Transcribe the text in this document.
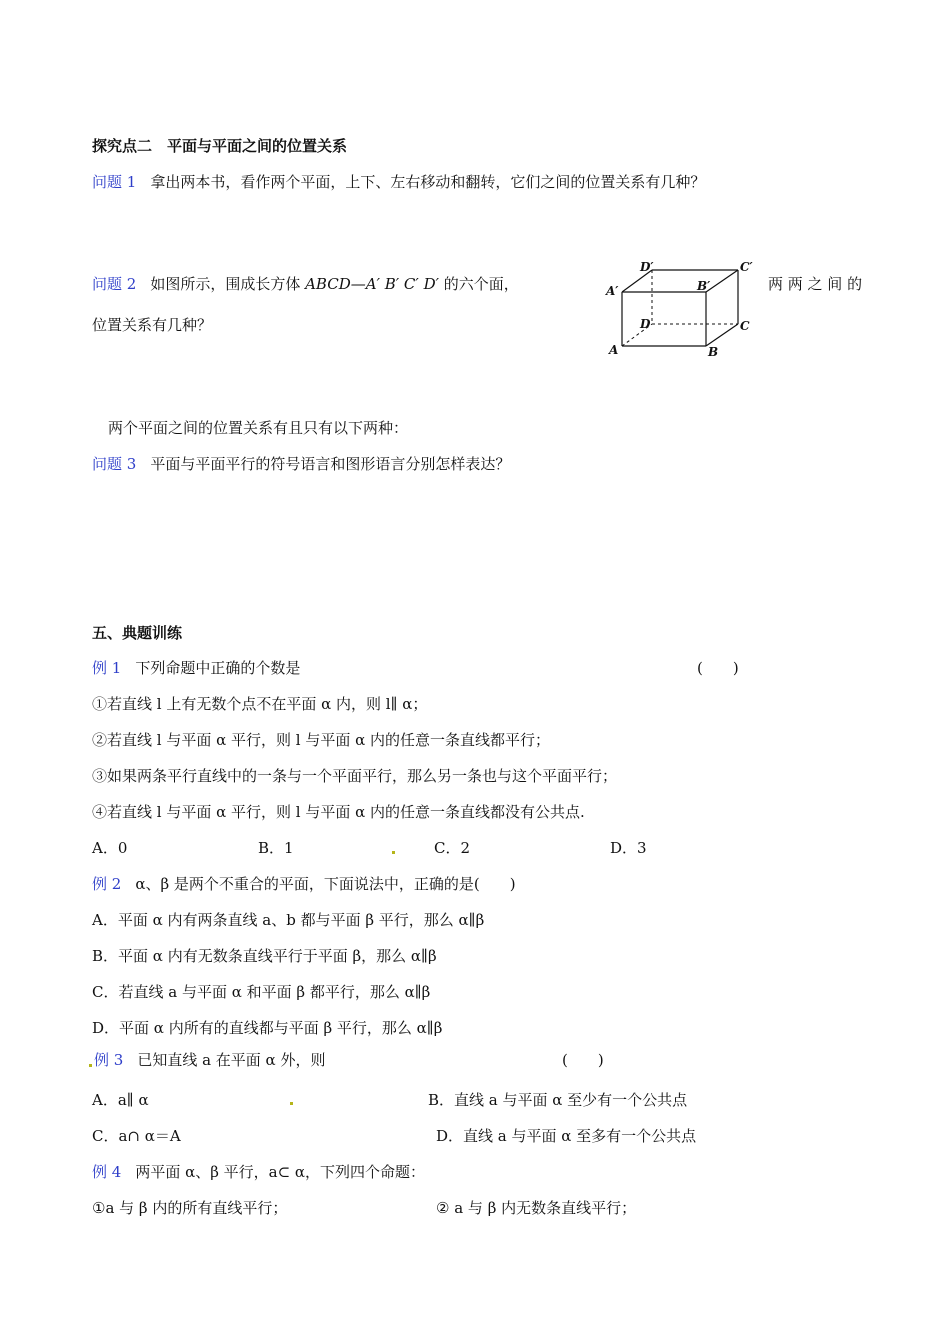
探究点二　平面与平面之间的位置关系
问题 1 拿出两本书，看作两个平面，上下、左右移动和翻转，它们之间的位置关系有几种？
问题 2 如图所示，围成长方体 ABCD—A′ B′ C′ D′ 的六个面，	两 两 之 间 的
位置关系有几种？
D′	C′
A′	B′
D	C
A	B
两个平面之间的位置关系有且只有以下两种：
问题 3 平面与平面平行的符号语言和图形语言分别怎样表达？
五、典题训练
例 1 下列命题中正确的个数是	(　　)
①若直线 l 上有无数个点不在平面 α 内，则 l∥ α；
②若直线 l 与平面 α 平行，则 l 与平面 α 内的任意一条直线都平行；
③如果两条平行直线中的一条与一个平面平行，那么另一条也与这个平面平行；
④若直线 l 与平面 α 平行，则 l 与平面 α 内的任意一条直线都没有公共点.
A．0	B．1	C．2	D．3
例 2 α、β 是两个不重合的平面，下面说法中，正确的是(　　)
A．平面 α 内有两条直线 a、b 都与平面 β 平行，那么 α∥β
B．平面 α 内有无数条直线平行于平面 β，那么 α∥β
C．若直线 a 与平面 α 和平面 β 都平行，那么 α∥β
D．平面 α 内所有的直线都与平面 β 平行，那么 α∥β
例 3 已知直线 a 在平面 α 外，则	(　　)
A．a∥ α	B．直线 a 与平面 α 至少有一个公共点
C．a∩ α＝A	D．直线 a 与平面 α 至多有一个公共点
例 4 两平面 α、β 平行，a⊂ α，下列四个命题：
①a 与 β 内的所有直线平行；	② a 与 β 内无数条直线平行；
